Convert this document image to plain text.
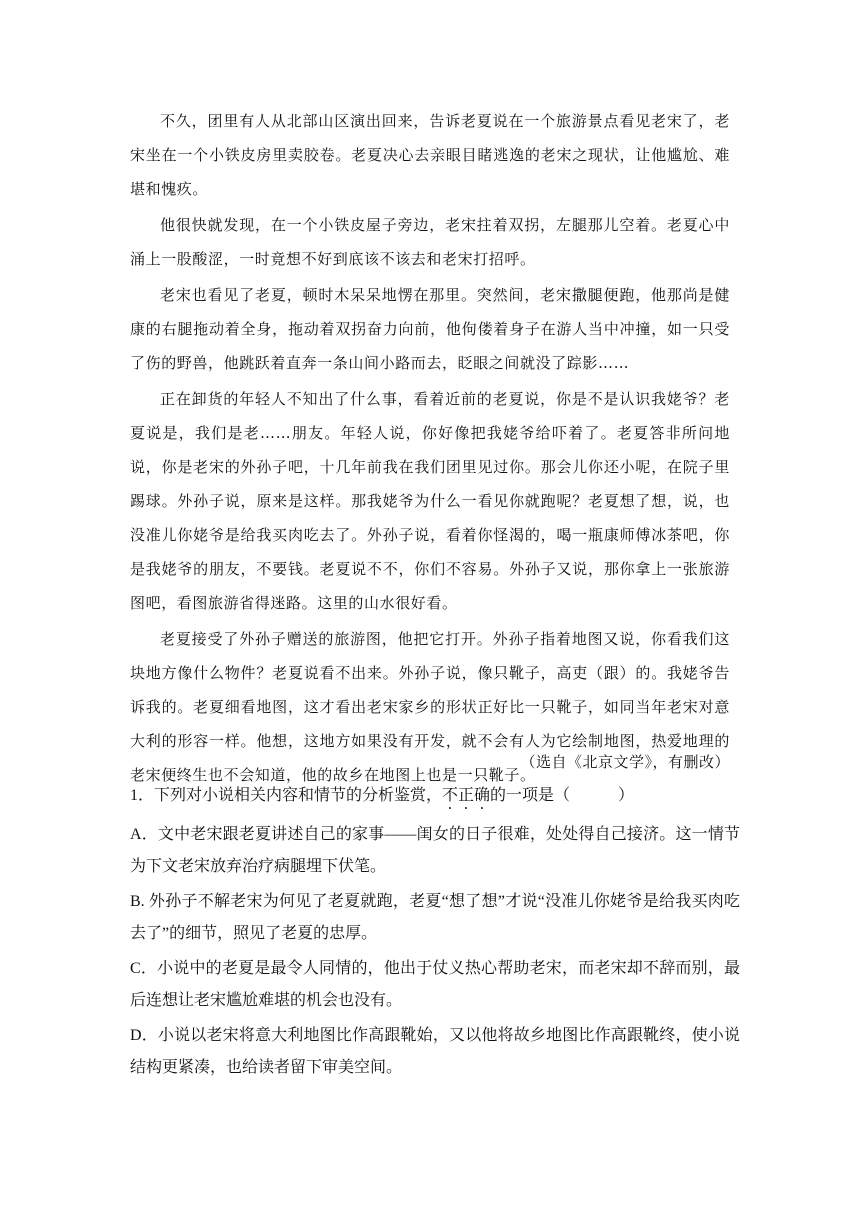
不久，团里有人从北部山区演出回来，告诉老夏说在一个旅游景点看见老宋了，老宋坐在一个小铁皮房里卖胶卷。老夏决心去亲眼目睹逃逸的老宋之现状，让他尴尬、难堪和愧疚。

他很快就发现，在一个小铁皮屋子旁边，老宋拄着双拐，左腿那儿空着。老夏心中涌上一股酸涩，一时竟想不好到底该不该去和老宋打招呼。

老宋也看见了老夏，顿时木呆呆地愣在那里。突然间，老宋撒腿便跑，他那尚是健康的右腿拖动着全身，拖动着双拐奋力向前，他佝偻着身子在游人当中冲撞，如一只受了伤的野兽，他跳跃着直奔一条山间小路而去，眨眼之间就没了踪影……

正在卸货的年轻人不知出了什么事，看着近前的老夏说，你是不是认识我姥爷？老夏说是，我们是老……朋友。年轻人说，你好像把我姥爷给吓着了。老夏答非所问地说，你是老宋的外孙子吧，十几年前我在我们团里见过你。那会儿你还小呢，在院子里踢球。外孙子说，原来是这样。那我姥爷为什么一看见你就跑呢？老夏想了想，说，也没准儿你姥爷是给我买肉吃去了。外孙子说，看着你怪渴的，喝一瓶康师傅冰茶吧，你是我姥爷的朋友，不要钱。老夏说不不，你们不容易。外孙子又说，那你拿上一张旅游图吧，看图旅游省得迷路。这里的山水很好看。

老夏接受了外孙子赠送的旅游图，他把它打开。外孙子指着地图又说，你看我们这块地方像什么物件？老夏说看不出来。外孙子说，像只靴子，高吏（跟）的。我姥爷告诉我的。老夏细看地图，这才看出老宋家乡的形状正好比一只靴子，如同当年老宋对意大利的形容一样。他想，这地方如果没有开发，就不会有人为它绘制地图，热爱地理的老宋便终生也不会知道，他的故乡在地图上也是一只靴子。

（选自《北京文学》，有删改）

1．下列对小说相关内容和情节的分析鉴赏，不正确的一项是（　　　）

A．文中老宋跟老夏讲述自己的家事——闺女的日子很难，处处得自己接济。这一情节为下文老宋放弃治疗病腿埋下伏笔。

B. 外孙子不解老宋为何见了老夏就跑，老夏“想了想”才说“没准儿你姥爷是给我买肉吃去了”的细节，照见了老夏的忠厚。

C．小说中的老夏是最令人同情的，他出于仗义热心帮助老宋，而老宋却不辞而别，最后连想让老宋尴尬难堪的机会也没有。

D．小说以老宋将意大利地图比作高跟靴始，又以他将故乡地图比作高跟靴终，使小说结构更紧凑，也给读者留下审美空间。
